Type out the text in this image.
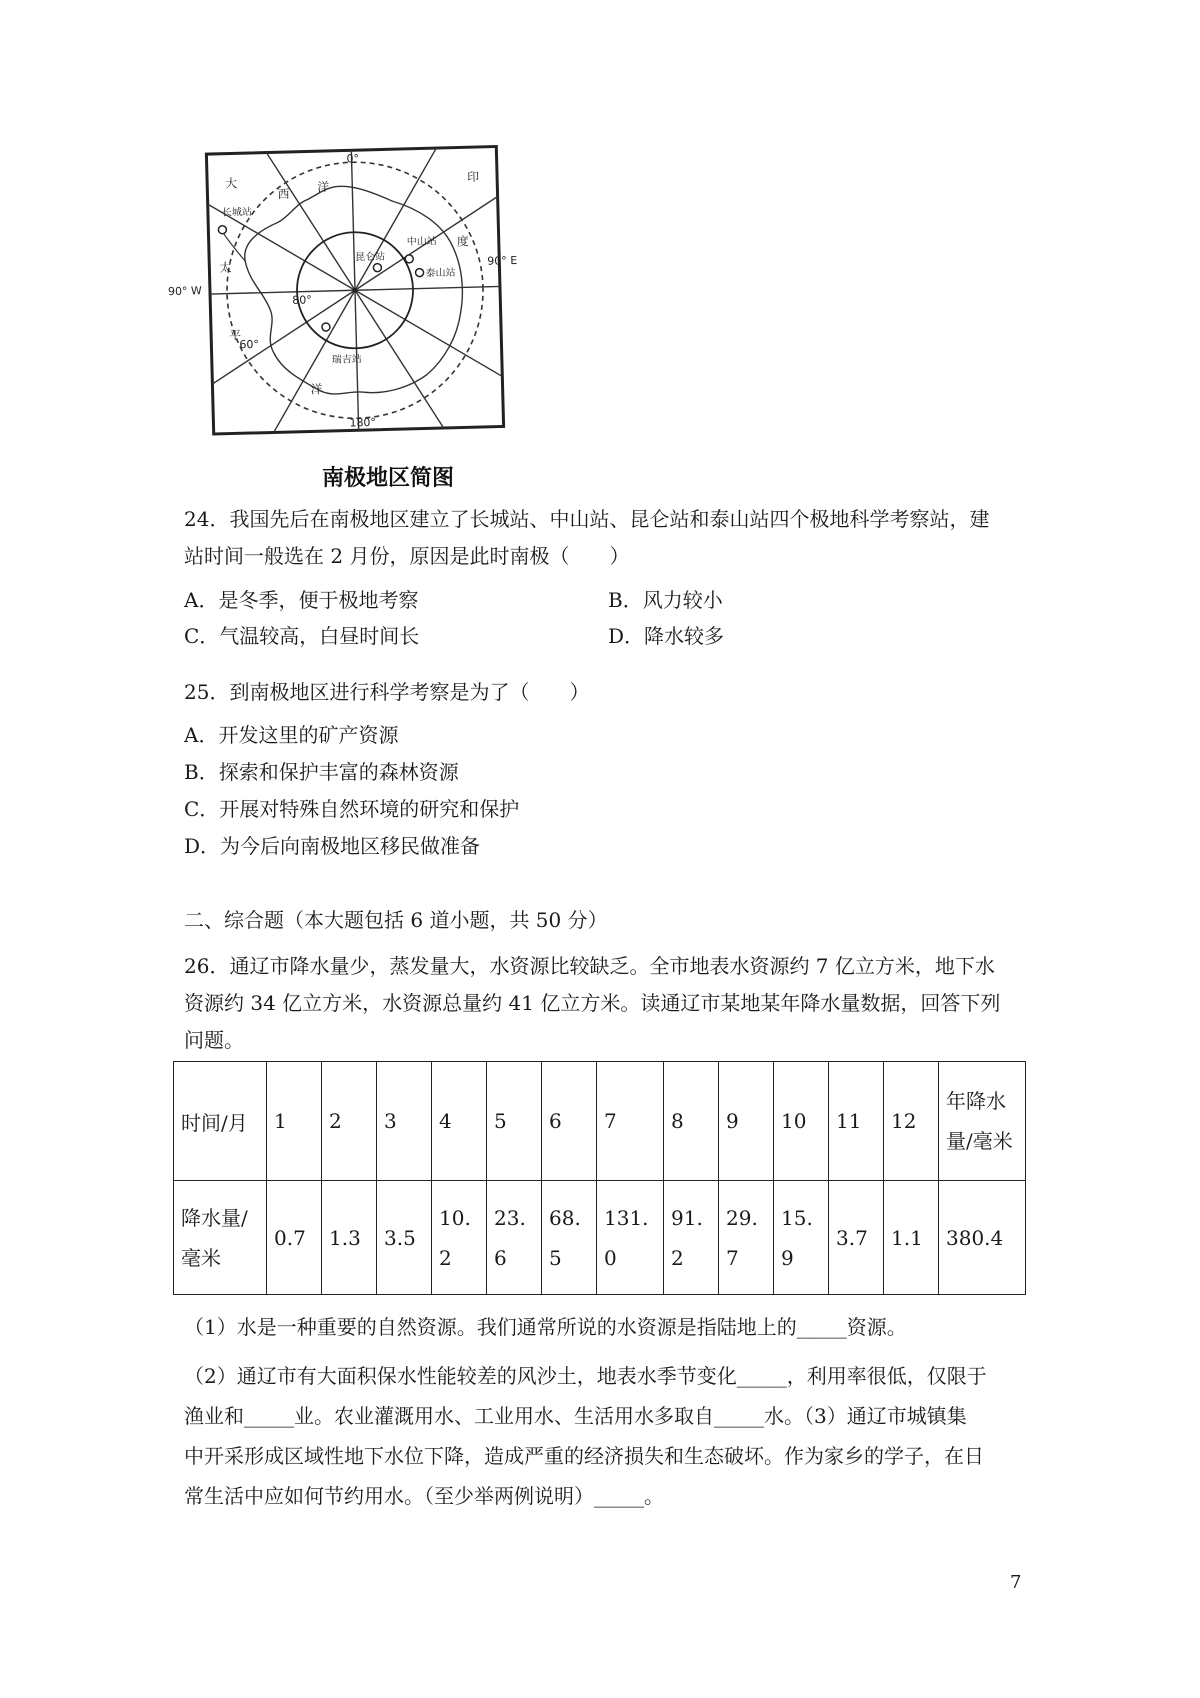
0°
90° W
90° E
180°
60°
80°
大
西 洋
印
度
太
平
洋
长城站
中山站
昆仑站
泰山站
瑞吉站
南极地区简图
24．我国先后在南极地区建立了长城站、中山站、昆仑站和泰山站四个极地科学考察站，建
站时间一般选在 2 月份，原因是此时南极（　　）
A．是冬季，便于极地考察	B．风力较小
C．气温较高，白昼时间长	D．降水较多
25．到南极地区进行科学考察是为了（　　）
A．开发这里的矿产资源
B．探索和保护丰富的森林资源
C．开展对特殊自然环境的研究和保护
D．为今后向南极地区移民做准备
二、综合题（本大题包括 6 道小题，共 50 分）
26．通辽市降水量少，蒸发量大，水资源比较缺乏。全市地表水资源约 7 亿立方米，地下水
资源约 34 亿立方米，水资源总量约 41 亿立方米。读通辽市某地某年降水量数据，回答下列
问题。
时间/月	1	2	3	4	5	6	7	8	9	10	11	12	年降水量/毫米
降水量/毫米	0.7	1.3	3.5	10.2	23.6	68.5	131.0	91.2	29.7	15.9	3.7	1.1	380.4
（1）水是一种重要的自然资源。我们通常所说的水资源是指陆地上的_____资源。
（2）通辽市有大面积保水性能较差的风沙土，地表水季节变化_____，利用率很低，仅限于
渔业和_____业。农业灌溉用水、工业用水、生活用水多取自_____水。（3）通辽市城镇集
中开采形成区域性地下水位下降，造成严重的经济损失和生态破坏。作为家乡的学子，在日
常生活中应如何节约用水。（至少举两例说明）_____。
7
